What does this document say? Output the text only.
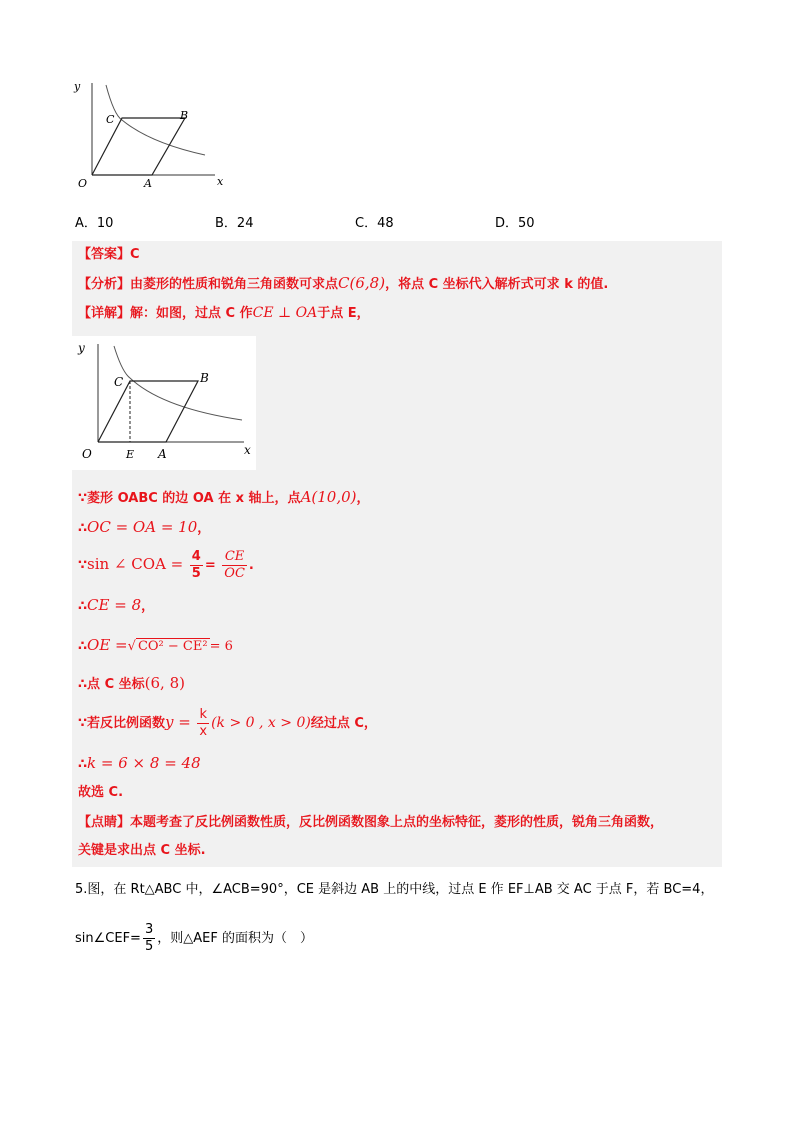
y
x
O	A
B
C
A．10	B．24	C．48	D．50
【答案】C
【分析】由菱形的性质和锐角三角函数可求点C(6,8)，将点 C 坐标代入解析式可求 k 的值.
【详解】解：如图，过点 C 作CE ⊥ OA于点 E，
y
x
O	E A
B
C
∵菱形 OABC 的边 OA 在 x 轴上，点A(10,0)，
∴OC = OA = 10，
∵sin ∠ COA = $\frac{4}{5} = \frac{CE}{OC}$ .
∴CE = 8，
∴OE =√ CO² − CE² = 6
∴点 C 坐标(6, 8)
∵若反比例函数$y = \frac{k}{x} (k > 0$ , x > 0)经过点 C，
∴k = 6 × 8 = 48
故选 C.
【点睛】本题考查了反比例函数性质，反比例函数图象上点的坐标特征，菱形的性质，锐角三角函数，
关键是求出点 C 坐标.
5.图，在 Rt△ABC 中，∠ACB=90°，CE 是斜边 AB 上的中线，过点 E 作 EF⊥AB 交 AC 于点 F，若 BC=4，
sin∠CEF= $\frac{3}{5}$ ，则△AEF 的面积为（　）
